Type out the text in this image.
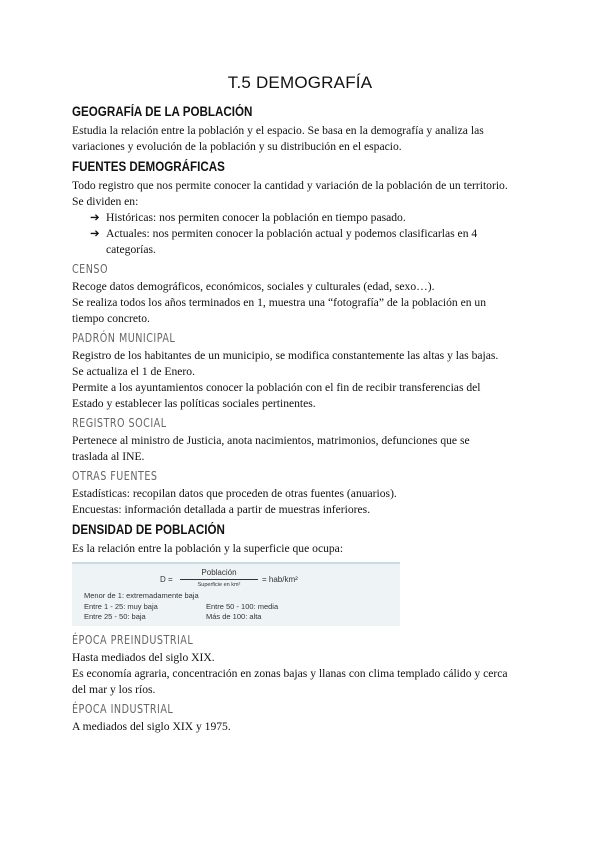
T.5 DEMOGRAFÍA
GEOGRAFÍA DE LA POBLACIÓN

Estudia la relación entre la población y el espacio. Se basa en la demografía y analiza las

variaciones y evolución de la población y su distribución en el espacio.

FUENTES DEMOGRÁFICAS

Todo registro que nos permite conocer la cantidad y variación de la población de un territorio.

Se dividen en:

➔ Históricas: nos permiten conocer la población en tiempo pasado.
➔ Actuales: nos permiten conocer la población actual y podemos clasificarlas en 4
categorías.
CENSO

Recoge datos demográficos, económicos, sociales y culturales (edad, sexo…).

Se realiza todos los años terminados en 1, muestra una “fotografía” de la población en un

tiempo concreto.

PADRÓN MUNICIPAL

Registro de los habitantes de un municipio, se modifica constantemente las altas y las bajas.

Se actualiza el 1 de Enero.

Permite a los ayuntamientos conocer la población con el fin de recibir transferencias del

Estado y establecer las políticas sociales pertinentes.

REGISTRO SOCIAL

Pertenece al ministro de Justicia, anota nacimientos, matrimonios, defunciones que se

traslada al INE.

OTRAS FUENTES

Estadísticas: recopilan datos que proceden de otras fuentes (anuarios).

Encuestas: información detallada a partir de muestras inferiores.

DENSIDAD DE POBLACIÓN

Es la relación entre la población y la superficie que ocupa:

D =
Población
Superficie en km²
= hab/km²
Menor de 1: extremadamente baja
Entre 1 - 25: muy baja	Entre 50 - 100: media
Entre 25 - 50: baja	Más de 100: alta
ÉPOCA PREINDUSTRIAL

Hasta mediados del siglo XIX.

Es economía agraria, concentración en zonas bajas y llanas con clima templado cálido y cerca

del mar y los ríos.

ÉPOCA INDUSTRIAL

A mediados del siglo XIX y 1975.
